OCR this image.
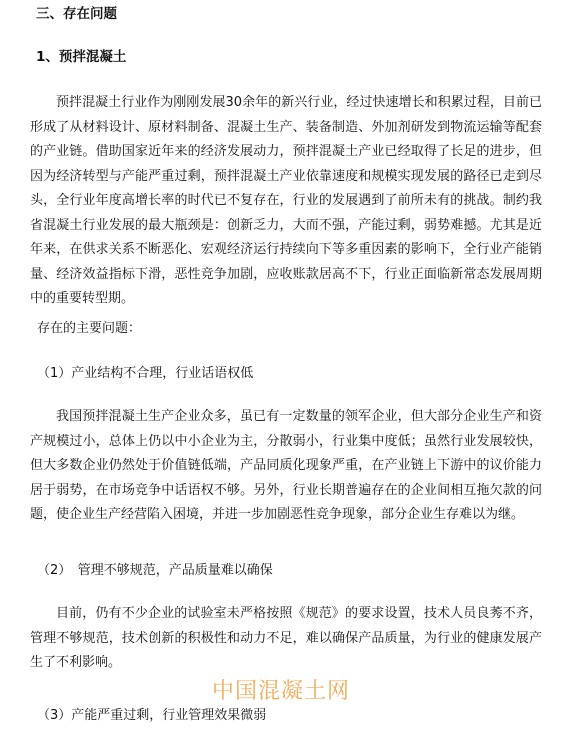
三、存在问题
1、预拌混凝土

预拌混凝土行业作为刚刚发展30余年的新兴行业，经过快速增长和积累过程，目前已形成了从材料设计、原材料制备、混凝土生产、装备制造、外加剂研发到物流运输等配套的产业链。借助国家近年来的经济发展动力，预拌混凝土产业已经取得了长足的进步，但因为经济转型与产能严重过剩，预拌混凝土产业依靠速度和规模实现发展的路径已走到尽头，全行业年度高增长率的时代已不复存在，行业的发展遇到了前所未有的挑战。制约我省混凝土行业发展的最大瓶颈是：创新乏力，大而不强，产能过剩，弱势难撼。尤其是近年来，在供求关系不断恶化、宏观经济运行持续向下等多重因素的影响下，全行业产能销量、经济效益指标下滑，恶性竞争加剧，应收账款居高不下，行业正面临新常态发展周期中的重要转型期。

存在的主要问题：
（1）产业结构不合理，行业话语权低

我国预拌混凝土生产企业众多，虽已有一定数量的领军企业，但大部分企业生产和资产规模过小，总体上仍以中小企业为主，分散弱小，行业集中度低；虽然行业发展较快，但大多数企业仍然处于价值链低端，产品同质化现象严重，在产业链上下游中的议价能力居于弱势，在市场竞争中话语权不够。另外，行业长期普遍存在的企业间相互拖欠款的问题，使企业生产经营陷入困境，并进一步加剧恶性竞争现象，部分企业生存难以为继。

（2）　管理不够规范，产品质量难以确保

目前，仍有不少企业的试验室未严格按照《规范》的要求设置，技术人员良莠不齐，管理不够规范，技术创新的积极性和动力不足，难以确保产品质量，为行业的健康发展产生了不利影响。

中国混凝土网
（3）产能严重过剩，行业管理效果微弱
